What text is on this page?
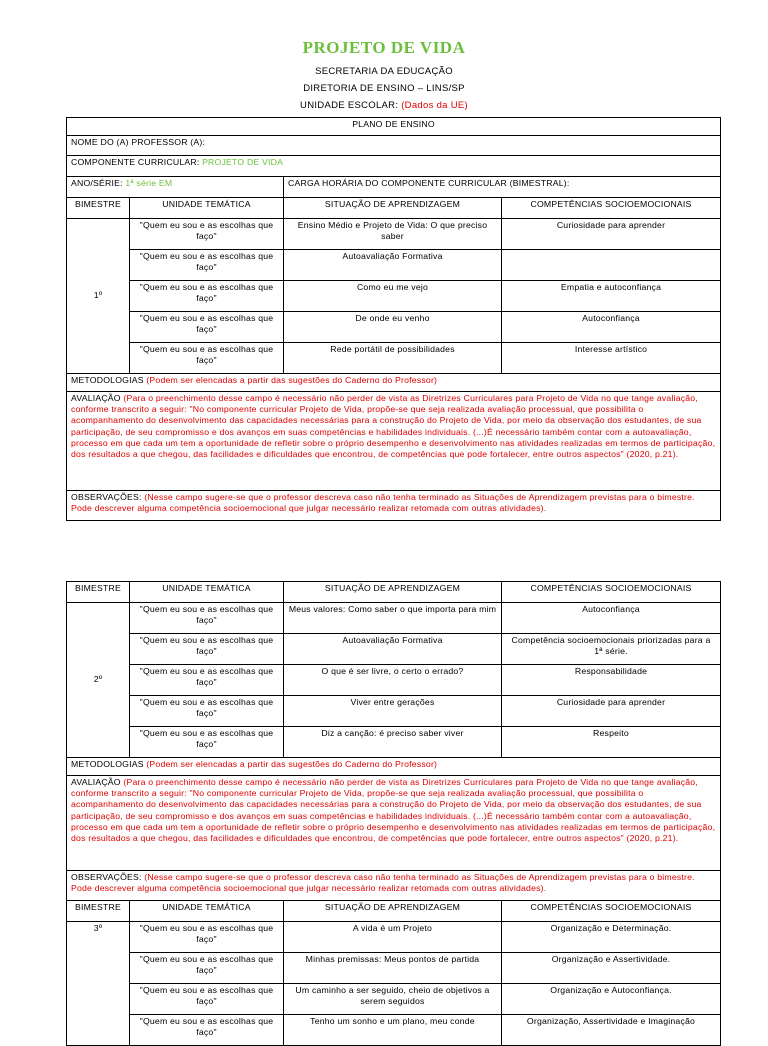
PROJETO DE VIDA
SECRETARIA DA EDUCAÇÃO
DIRETORIA DE ENSINO – LINS/SP
UNIDADE ESCOLAR: (Dados da UE)
PLANO DE ENSINO			
NOME DO (A) PROFESSOR (A):			
COMPONENTE CURRICULAR: PROJETO DE VIDA			
ANO/SÉRIE: 1ª série EM		CARGA HORÁRIA DO COMPONENTE CURRICULAR (BIMESTRAL):	
BIMESTRE	UNIDADE TEMÁTICA	SITUAÇÃO DE APRENDIZAGEM	COMPETÊNCIAS SOCIOEMOCIONAIS
1º	"Quem eu sou e as escolhas que faço"	Ensino Médio e Projeto de Vida: O que preciso saber	Curiosidade para aprender
	"Quem eu sou e as escolhas que faço"	Autoavaliação Formativa	
	"Quem eu sou e as escolhas que faço"	Como eu me vejo	Empatia e autoconfiança
	"Quem eu sou e as escolhas que faço"	De onde eu venho	Autoconfiança
	"Quem eu sou e as escolhas que faço"	Rede portátil de possibilidades	Interesse artístico
METODOLOGIAS (Podem ser elencadas a partir das sugestões do Caderno do Professor)			
AVALIAÇÃO (Para o preenchimento desse campo é necessário não perder de vista as Diretrizes Curriculares para Projeto de Vida no que tange avaliação, conforme transcrito a seguir: "No componente curricular Projeto de Vida, propõe-se que seja realizada avaliação processual, que possibilita o acompanhamento do desenvolvimento das capacidades necessárias para a construção do Projeto de Vida, por meio da observação dos estudantes, de sua participação, de seu compromisso e dos avanços em suas competências e habilidades individuais. (...)É necessário também contar com a autoavaliação, processo em que cada um tem a oportunidade de refletir sobre o próprio desempenho e desenvolvimento nas atividades realizadas em termos de participação, dos resultados a que chegou, das facilidades e dificuldades que encontrou, de competências que pode fortalecer, entre outros aspectos" (2020, p.21).			
OBSERVAÇÕES: (Nesse campo sugere-se que o professor descreva caso não tenha terminado as Situações de Aprendizagem previstas para o bimestre. Pode descrever alguma competência socioemocional que julgar necessário realizar retomada com outras atividades).			
BIMESTRE	UNIDADE TEMÁTICA	SITUAÇÃO DE APRENDIZAGEM	COMPETÊNCIAS SOCIOEMOCIONAIS
2º	"Quem eu sou e as escolhas que faço"	Meus valores: Como saber o que importa para mim	Autoconfiança
	"Quem eu sou e as escolhas que faço"	Autoavaliação Formativa	Competência socioemocionais priorizadas para a 1ª série.
	"Quem eu sou e as escolhas que faço"	O que é ser livre, o certo o errado?	Responsabilidade
	"Quem eu sou e as escolhas que faço"	Viver entre gerações	Curiosidade para aprender
	"Quem eu sou e as escolhas que faço"	Diz a canção: é preciso saber viver	Respeito
METODOLOGIAS (Podem ser elencadas a partir das sugestões do Caderno do Professor)			
AVALIAÇÃO (Para o preenchimento desse campo é necessário não perder de vista as Diretrizes Curriculares para Projeto de Vida no que tange avaliação, conforme transcrito a seguir: "No componente curricular Projeto de Vida, propõe-se que seja realizada avaliação processual, que possibilita o acompanhamento do desenvolvimento das capacidades necessárias para a construção do Projeto de Vida, por meio da observação dos estudantes, de sua participação, de seu compromisso e dos avanços em suas competências e habilidades individuais. (...)É necessário também contar com a autoavaliação, processo em que cada um tem a oportunidade de refletir sobre o próprio desempenho e desenvolvimento nas atividades realizadas em termos de participação, dos resultados a que chegou, das facilidades e dificuldades que encontrou, de competências que pode fortalecer, entre outros aspectos" (2020, p.21).			
OBSERVAÇÕES: (Nesse campo sugere-se que o professor descreva caso não tenha terminado as Situações de Aprendizagem previstas para o bimestre. Pode descrever alguma competência socioemocional que julgar necessário realizar retomada com outras atividades).			
BIMESTRE	UNIDADE TEMÁTICA	SITUAÇÃO DE APRENDIZAGEM	COMPETÊNCIAS SOCIOEMOCIONAIS
3º	"Quem eu sou e as escolhas que faço"	A vida é um Projeto	Organização e Determinação.
	"Quem eu sou e as escolhas que faço"	Minhas premissas: Meus pontos de partida	Organização e Assertividade.
	"Quem eu sou e as escolhas que faço"	Um caminho a ser seguido, cheio de objetivos a serem seguidos	Organização e Autoconfiança.
	"Quem eu sou e as escolhas que faço"	Tenho um sonho e um plano, meu conde	Organização, Assertividade e Imaginação
